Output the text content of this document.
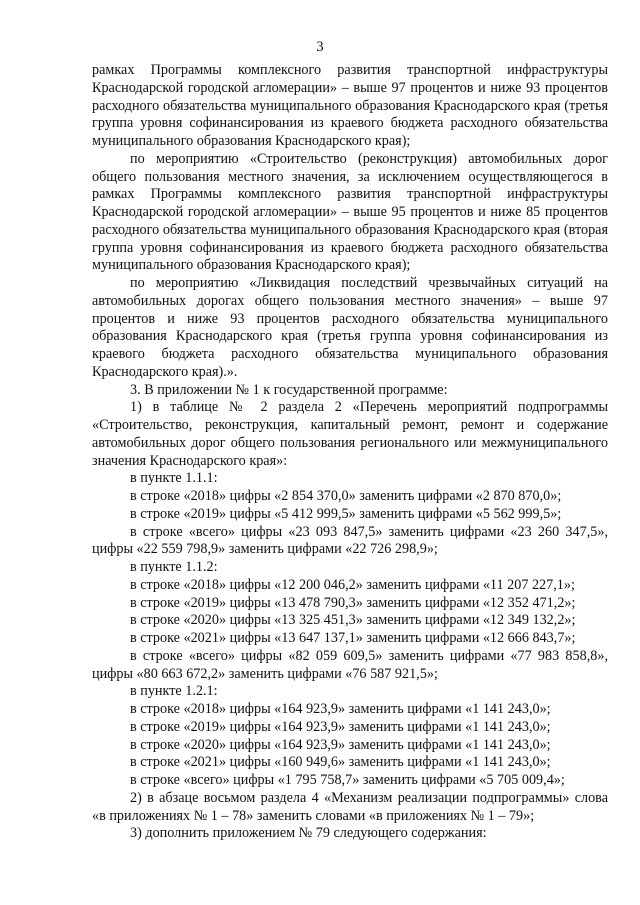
3

рамках Программы комплексного развития транспортной инфраструктуры Краснодарской городской агломерации» – выше 97 процентов и ниже 93 процентов расходного обязательства муниципального образования Краснодарского края (третья группа уровня софинансирования из краевого бюджета расходного обязательства муниципального образования Краснодарского края);

по мероприятию «Строительство (реконструкция) автомобильных дорог общего пользования местного значения, за исключением осуществляющегося в рамках Программы комплексного развития транспортной инфраструктуры Краснодарской городской агломерации» – выше 95 процентов и ниже 85 процентов расходного обязательства муниципального образования Краснодарского края (вторая группа уровня софинансирования из краевого бюджета расходного обязательства муниципального образования Краснодарского края);

по мероприятию «Ликвидация последствий чрезвычайных ситуаций на автомобильных дорогах общего пользования местного значения» – выше 97 процентов и ниже 93 процентов расходного обязательства муниципального образования Краснодарского края (третья группа уровня софинансирования из краевого бюджета расходного обязательства муниципального образования Краснодарского края).».

3. В приложении № 1 к государственной программе:

1) в таблице № 2 раздела 2 «Перечень мероприятий подпрограммы «Строительство, реконструкция, капитальный ремонт, ремонт и содержание автомобильных дорог общего пользования регионального или межмуниципального значения Краснодарского края»:

в пункте 1.1.1:

в строке «2018» цифры «2 854 370,0» заменить цифрами «2 870 870,0»;

в строке «2019» цифры «5 412 999,5» заменить цифрами «5 562 999,5»;

в строке «всего» цифры «23 093 847,5» заменить цифрами «23 260 347,5», цифры «22 559 798,9» заменить цифрами «22 726 298,9»;

в пункте 1.1.2:

в строке «2018» цифры «12 200 046,2» заменить цифрами «11 207 227,1»;

в строке «2019» цифры «13 478 790,3» заменить цифрами «12 352 471,2»;

в строке «2020» цифры «13 325 451,3» заменить цифрами «12 349 132,2»;

в строке «2021» цифры «13 647 137,1» заменить цифрами «12 666 843,7»;

в строке «всего» цифры «82 059 609,5» заменить цифрами «77 983 858,8», цифры «80 663 672,2» заменить цифрами «76 587 921,5»;

в пункте 1.2.1:

в строке «2018» цифры «164 923,9» заменить цифрами «1 141 243,0»;

в строке «2019» цифры «164 923,9» заменить цифрами «1 141 243,0»;

в строке «2020» цифры «164 923,9» заменить цифрами «1 141 243,0»;

в строке «2021» цифры «160 949,6» заменить цифрами «1 141 243,0»;

в строке «всего» цифры «1 795 758,7» заменить цифрами «5 705 009,4»;

2) в абзаце восьмом раздела 4 «Механизм реализации подпрограммы» слова «в приложениях № 1 – 78» заменить словами «в приложениях № 1 – 79»;

3) дополнить приложением № 79 следующего содержания:
